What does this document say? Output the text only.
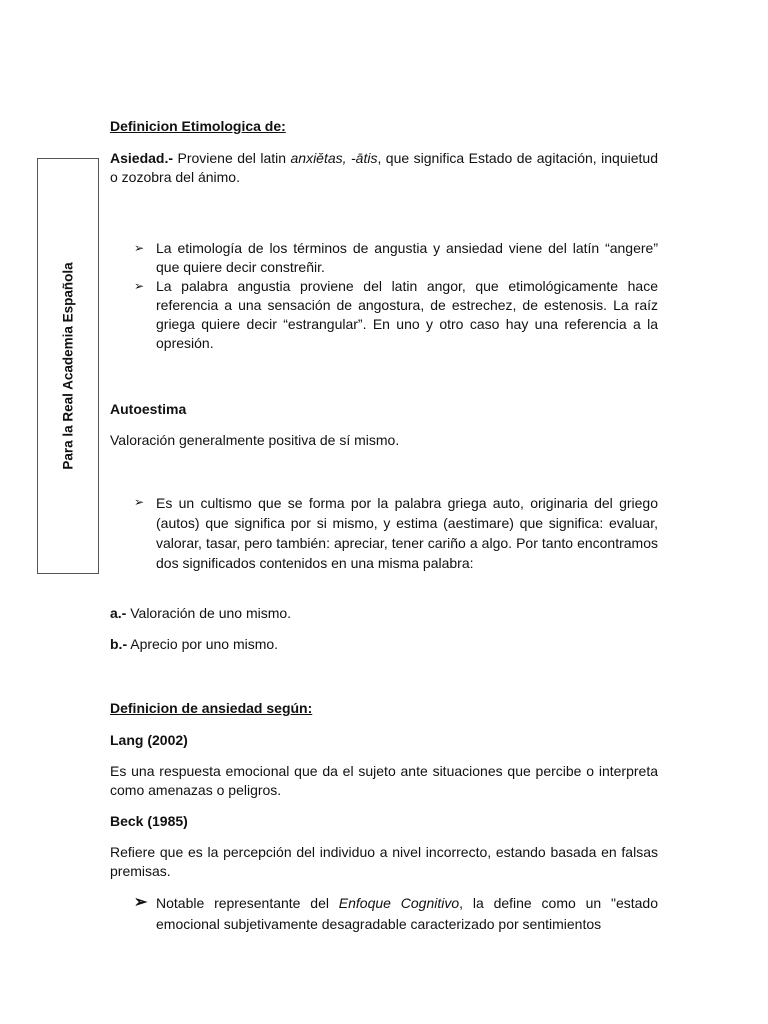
Para la Real Academia Española
Definicion Etimologica de:

Asiedad.- Proviene del latin anxiĕtas, -ātis, que significa Estado de agitación, inquietud o zozobra del ánimo.

➢ La etimología de los términos de angustia y ansiedad viene del latín “angere” que quiere decir constreñir.

➢ La palabra angustia proviene del latin angor, que etimológicamente hace referencia a una sensación de angostura, de estrechez, de estenosis. La raíz griega quiere decir “estrangular”. En uno y otro caso hay una referencia a la opresión.

Autoestima

Valoración generalmente positiva de sí mismo.

➢ Es un cultismo que se forma por la palabra griega auto, originaria del griego (autos) que significa por si mismo, y estima (aestimare) que significa: evaluar, valorar, tasar, pero también: apreciar, tener cariño a algo. Por tanto encontramos dos significados contenidos en una misma palabra:

a.- Valoración de uno mismo.

b.- Aprecio por uno mismo.

Definicion de ansiedad según:
Lang (2002)

Es una respuesta emocional que da el sujeto ante situaciones que percibe o interpreta como amenazas o peligros.

Beck (1985)

Refiere que es la percepción del individuo a nivel incorrecto, estando basada en falsas premisas.

➢ Notable representante del Enfoque Cognitivo, la define como un "estado emocional subjetivamente desagradable caracterizado por sentimientos
